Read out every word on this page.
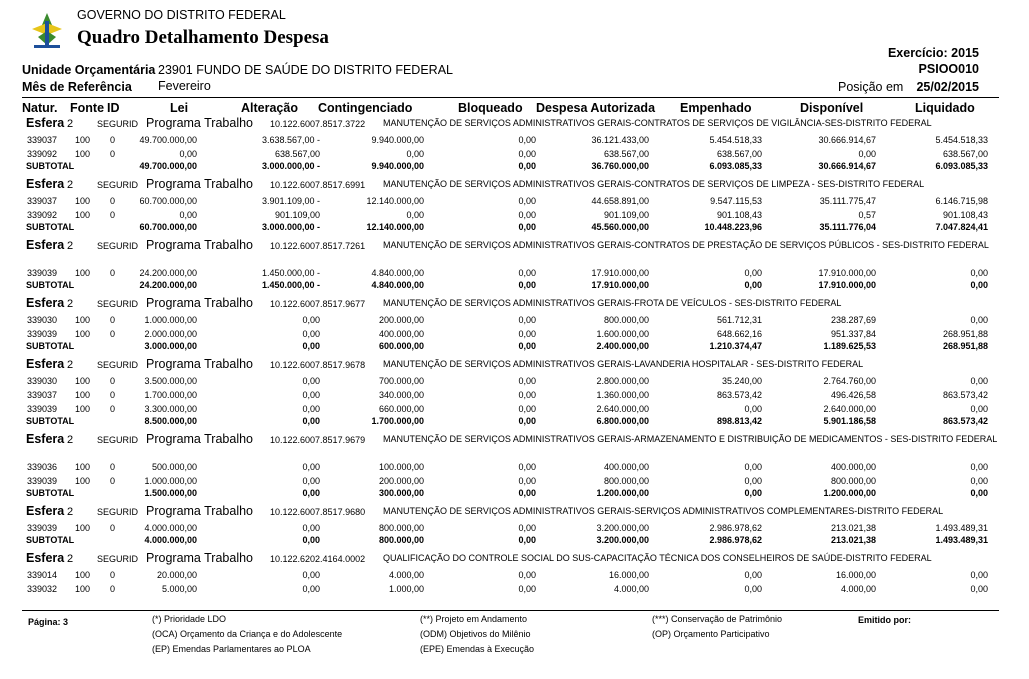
GOVERNO DO DISTRITO FEDERAL
Quadro Detalhamento Despesa
Exercício: 2015
PSIOO010
Unidade Orçamentária 23901 FUNDO DE SAÚDE DO DISTRITO FEDERAL
Mês de Referência Fevereiro	Posição em 25/02/2015
Natur. Fonte ID	Lei	Alteração Contingenciado	Bloqueado Despesa Autorizada Empenhado	Disponível	Liquidado
Esfera 2	SEGURID Programa Trabalho 10.122.6007.8517.3722 MANUTENÇÃO DE SERVIÇOS ADMINISTRATIVOS GERAIS-CONTRATOS DE SERVIÇOS DE VIGILÂNCIA-SES-DISTRITO FEDERAL
339037 100 0	49.700.000,00	3.638.567,00 -	9.940.000,00	0,00	36.121.433,00	5.454.518,33	30.666.914,67	5.454.518,33
339092 100 0	0,00	638.567,00	0,00	0,00	638.567,00	638.567,00	0,00	638.567,00
SUBTOTAL	49.700.000,00	3.000.000,00 -	9.940.000,00	0,00	36.760.000,00	6.093.085,33	30.666.914,67	6.093.085,33
Esfera 2	SEGURID Programa Trabalho 10.122.6007.8517.6991 MANUTENÇÃO DE SERVIÇOS ADMINISTRATIVOS GERAIS-CONTRATOS DE SERVIÇOS DE LIMPEZA - SES-DISTRITO FEDERAL
339037 100 0	60.700.000,00	3.901.109,00 -	12.140.000,00	0,00	44.658.891,00	9.547.115,53	35.111.775,47	6.146.715,98
339092 100 0	0,00	901.109,00	0,00	0,00	901.109,00	901.108,43	0,57	901.108,43
SUBTOTAL	60.700.000,00	3.000.000,00 -	12.140.000,00	0,00	45.560.000,00	10.448.223,96	35.111.776,04	7.047.824,41
Esfera 2	SEGURID Programa Trabalho 10.122.6007.8517.7261 MANUTENÇÃO DE SERVIÇOS ADMINISTRATIVOS GERAIS-CONTRATOS DE PRESTAÇÃO DE SERVIÇOS PÚBLICOS - SES-DISTRITO FEDERAL
339039 100 0	24.200.000,00	1.450.000,00 -	4.840.000,00	0,00	17.910.000,00	0,00	17.910.000,00	0,00
SUBTOTAL	24.200.000,00	1.450.000,00 -	4.840.000,00	0,00	17.910.000,00	0,00	17.910.000,00	0,00
Esfera 2	SEGURID Programa Trabalho 10.122.6007.8517.9677 MANUTENÇÃO DE SERVIÇOS ADMINISTRATIVOS GERAIS-FROTA DE VEÍCULOS - SES-DISTRITO FEDERAL
339030 100 0	1.000.000,00	0,00	200.000,00	0,00	800.000,00	561.712,31	238.287,69	0,00
339039 100 0	2.000.000,00	0,00	400.000,00	0,00	1.600.000,00	648.662,16	951.337,84	268.951,88
SUBTOTAL	3.000.000,00	0,00	600.000,00	0,00	2.400.000,00	1.210.374,47	1.189.625,53	268.951,88
Esfera 2	SEGURID Programa Trabalho 10.122.6007.8517.9678 MANUTENÇÃO DE SERVIÇOS ADMINISTRATIVOS GERAIS-LAVANDERIA HOSPITALAR - SES-DISTRITO FEDERAL
339030 100 0	3.500.000,00	0,00	700.000,00	0,00	2.800.000,00	35.240,00	2.764.760,00	0,00
339037 100 0	1.700.000,00	0,00	340.000,00	0,00	1.360.000,00	863.573,42	496.426,58	863.573,42
339039 100 0	3.300.000,00	0,00	660.000,00	0,00	2.640.000,00	0,00	2.640.000,00	0,00
SUBTOTAL	8.500.000,00	0,00	1.700.000,00	0,00	6.800.000,00	898.813,42	5.901.186,58	863.573,42
Esfera 2	SEGURID Programa Trabalho 10.122.6007.8517.9679 MANUTENÇÃO DE SERVIÇOS ADMINISTRATIVOS GERAIS-ARMAZENAMENTO E DISTRIBUIÇÃO DE MEDICAMENTOS - SES-DISTRITO FEDERAL
339036 100 0	500.000,00	0,00	100.000,00	0,00	400.000,00	0,00	400.000,00	0,00
339039 100 0	1.000.000,00	0,00	200.000,00	0,00	800.000,00	0,00	800.000,00	0,00
SUBTOTAL	1.500.000,00	0,00	300.000,00	0,00	1.200.000,00	0,00	1.200.000,00	0,00
Esfera 2	SEGURID Programa Trabalho 10.122.6007.8517.9680 MANUTENÇÃO DE SERVIÇOS ADMINISTRATIVOS GERAIS-SERVIÇOS ADMINISTRATIVOS COMPLEMENTARES-DISTRITO FEDERAL
339039 100 0	4.000.000,00	0,00	800.000,00	0,00	3.200.000,00	2.986.978,62	213.021,38	1.493.489,31
SUBTOTAL	4.000.000,00	0,00	800.000,00	0,00	3.200.000,00	2.986.978,62	213.021,38	1.493.489,31
Esfera 2	SEGURID Programa Trabalho 10.122.6202.4164.0002 QUALIFICAÇÃO DO CONTROLE SOCIAL DO SUS-CAPACITAÇÃO TÉCNICA DOS CONSELHEIROS DE SAÚDE-DISTRITO FEDERAL
339014 100 0	20.000,00	0,00	4.000,00	0,00	16.000,00	0,00	16.000,00	0,00
339032 100 0	5.000,00	0,00	1.000,00	0,00	4.000,00	0,00	4.000,00	0,00
Página: 3	(*) Prioridade LDO
(OCA) Orçamento da Criança e do Adolescente
(EP) Emendas Parlamentares ao PLOA
(**) Projeto em Andamento
(ODM) Objetivos do Milênio
(EPE) Emendas à Execução
(***) Conservação de Patrimônio
(OP) Orçamento Participativo
Emitido por:
